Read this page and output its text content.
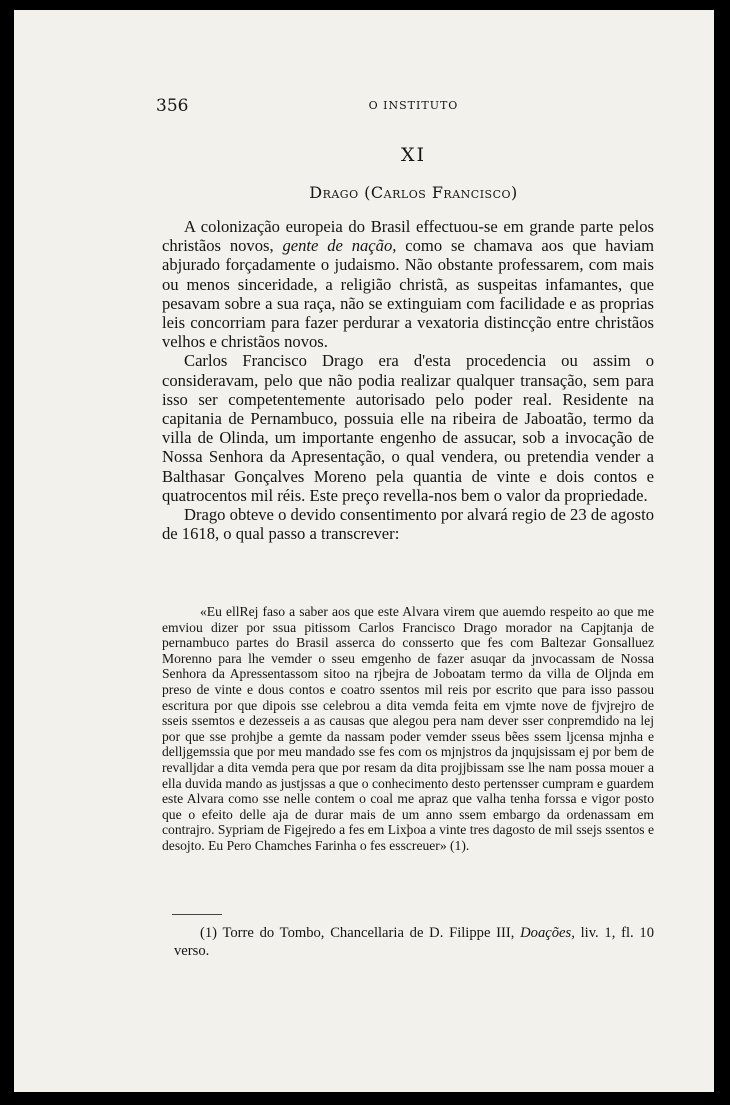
356	O INSTITUTO
XI
Drago (Carlos Francisco)

A colonização europeia do Brasil effectuou-se em grande parte pelos christãos novos, gente de nação, como se chamava aos que haviam abjurado forçadamente o judaismo. Não obstante professarem, com mais ou menos sinceridade, a religião christã, as suspeitas infamantes, que pesavam sobre a sua raça, não se extinguiam com facilidade e as proprias leis concorriam para fazer perdurar a vexatoria distincção entre christãos velhos e christãos novos.

Carlos Francisco Drago era d'esta procedencia ou assim o consideravam, pelo que não podia realizar qualquer transação, sem para isso ser competentemente autorisado pelo poder real. Residente na capitania de Pernambuco, possuia elle na ribeira de Jaboatão, termo da villa de Olinda, um importante engenho de assucar, sob a invocação de Nossa Senhora da Apresentação, o qual vendera, ou pretendia vender a Balthasar Gonçalves Moreno pela quantia de vinte e dois contos e quatrocentos mil réis. Este preço revella-nos bem o valor da propriedade.

Drago obteve o devido consentimento por alvará regio de 23 de agosto de 1618, o qual passo a transcrever:

«Eu ellRej faso a saber aos que este Alvara virem que auemdo respeito ao que me emviou dizer por ssua pitissom Carlos Francisco Drago morador na Capjtanja de pernambuco partes do Brasil asserca do consserto que fes com Baltezar Gonsalluez Morenno para lhe vemder o sseu emgenho de fazer asuqar da jnvocassam de Nossa Senhora da Apressentassom sitoo na rjbejra de Joboatam termo da villa de Oljnda em preso de vinte e dous contos e coatro ssentos mil reis por escrito que para isso passou escritura por que dipois sse celebrou a dita vemda feita em vjmte nove de fjvjrejro de sseis ssemtos e dezesseis a as causas que alegou pera nam dever sser conpremdido na lej por que sse prohjbe a gemte da nassam poder vemder sseus bẽes ssem ljcensa mjnha e delljgemssia que por meu mandado sse fes com os mjnjstros da jnqujsissam ej por bem de revalljdar a dita vemda pera que por resam da dita projjbissam sse lhe nam possa mouer a ella duvida mando as justjssas a que o conhecimento desto pertensser cumpram e guardem este Alvara como sse nelle contem o coal me apraz que valha tenha forssa e vigor posto que o efeito delle aja de durar mais de um anno ssem embargo da ordenassam em contrajro. Sypriam de Figejredo a fes em Lixþoa a vinte tres dagosto de mil ssejs ssentos e desojto. Eu Pero Chamches Farinha o fes esscreuer» (1).

(1) Torre do Tombo, Chancellaria de D. Filippe III, Doações, liv. 1, fl. 10 verso.
